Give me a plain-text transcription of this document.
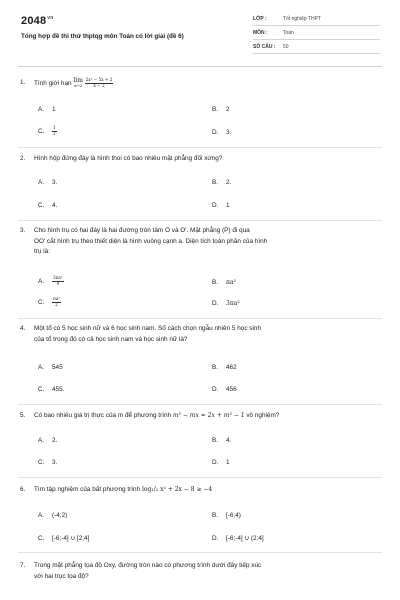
$2048^{vn}$
Tổng hợp đề thi thử thptqg môn Toán có lời giải (đề 6)
LỚP :	Tốt nghiệp THPT
MÔN :	Toán
SỐ CÂU : 50
1. Tính giới hạn lim
x→2
$\frac{\text{2x² − 5x + 2}}{x - 2}$
A. 1	B. 2
C. $\frac{1}{2}$	D. 3.
2. Hình hộp đứng đáy là hình thoi có bao nhiêu mặt phẳng đối xứng?
A. 3.	B. 2.
C. 4.	D. 1
3. Cho hình trụ có hai đáy là hai đường tròn tâm O và O'. Mặt phẳng (P) đi qua
OO' cắt hình trụ theo thiết diện là hình vuông cạnh a. Diện tích toàn phần của hình
trụ là:
A. $\frac{\text{3πa²}}{4}$	B. πa²
C. $\frac{\text{πa²}}{2}$	D. 3πa²
4. Một tổ có 5 học sinh nữ và 6 học sinh nam. Số cách chọn ngẫu nhiên 5 học sinh
của tổ trong đó có cả học sinh nam và học sinh nữ là?
A. 545	B. 462
C. 455.	D. 456
5. Có bao nhiêu giá trị thực của m để phương trình m² − mx = 2x + m² − 1 vô nghiệm?
A. 2.	B. 4.
C. 3.	D. 1
6. Tìm tập nghiệm của bất phương trình log₁/₂ x² + 2x − 8 ≥ −4
A. (-4;2)	B. [-6;4)
C. [-6;-4] ∪ [2;4]	D. [-6;-4] ∪ (2;4]
7. Trong mặt phẳng tọa độ Oxy, đường tròn nào có phương trình dưới đây tiếp xúc
với hai trục tọa độ?
